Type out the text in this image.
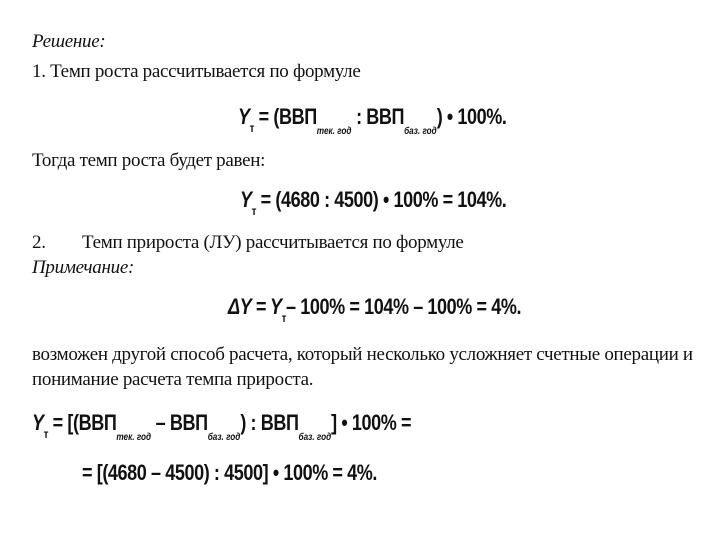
Решение:
1. Темп роста рассчитывается по формуле
$Y_т = (ВВП_{тек. год}$ : $ВВП_{баз. год}$) • 100%.
Тогда темп роста будет равен:
$Y_т = (4680$ : 4500) • 100% = 104%.
2. Темп прироста (ЛУ) рассчитывается по формуле
Примечание:
$\Delta Y = Y_т-$ 100% = 104% – 100% = 4%.
возможен другой способ расчета, который несколько усложняет счетные операции и
понимание расчета темпа прироста.
$Y_т = [(ВВП_{тек. год} - ВВП_{баз. год})$ : $ВВП_{баз. год}$] • 100% =
= [(4680 – 4500) : 4500] • 100% = 4%.
